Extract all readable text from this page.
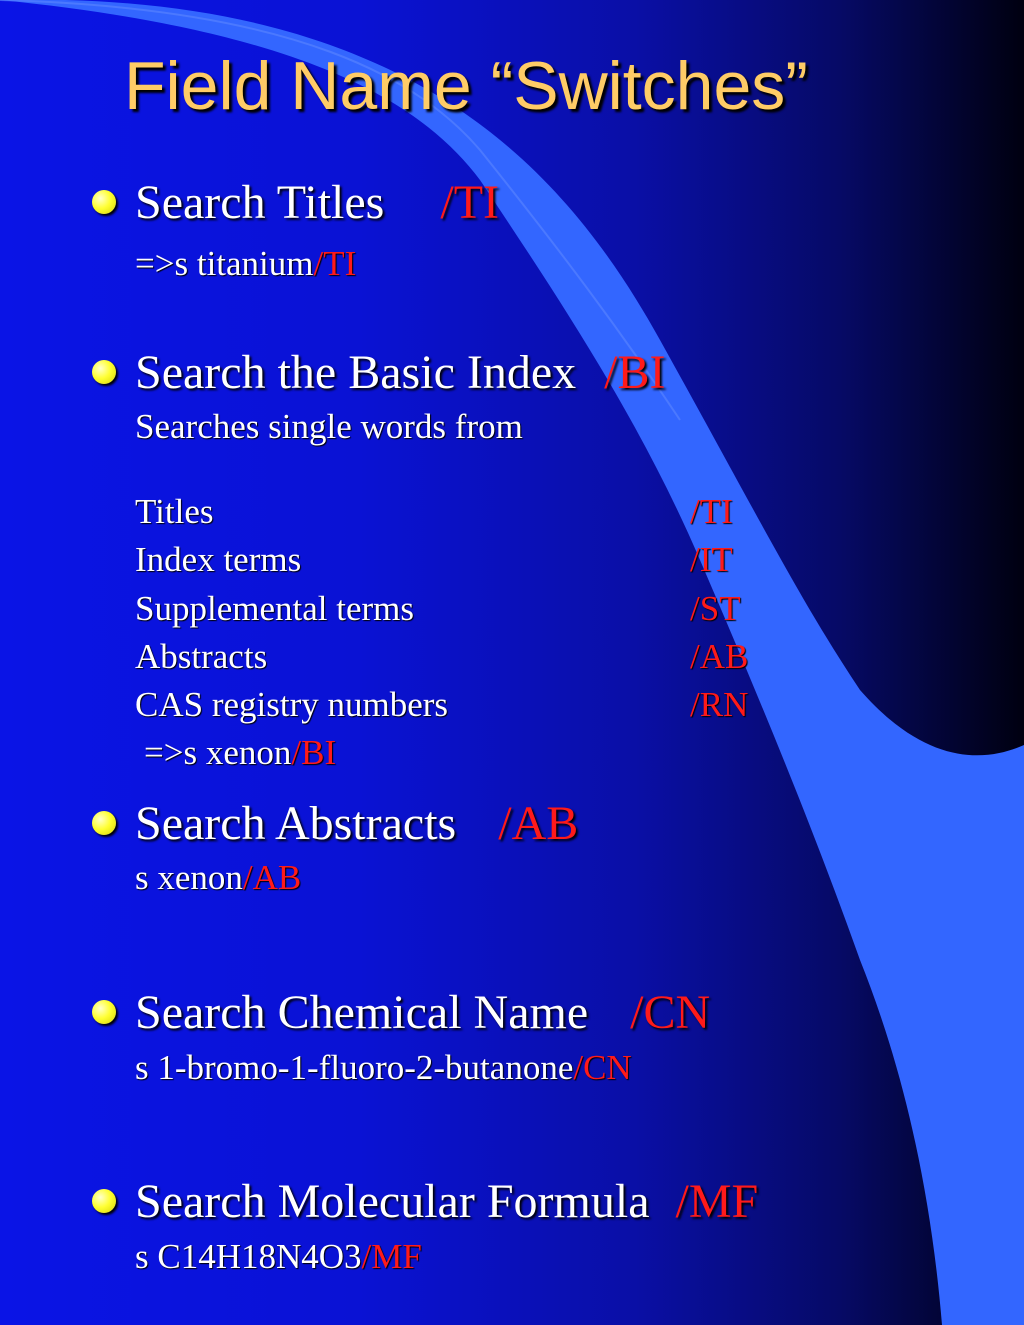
Field Name “Switches”
Search Titles /TI
=>s titanium/TI
Search the Basic Index /BI
Searches single words from
Titles	/TI
Index terms	/IT
Supplemental terms	/ST
Abstracts	/AB
CAS registry numbers	/RN
=>s xenon/BI
Search Abstracts /AB
s xenon/AB
Search Chemical Name /CN
s 1-bromo-1-fluoro-2-butanone/CN
Search Molecular Formula /MF
s C14H18N4O3/MF
